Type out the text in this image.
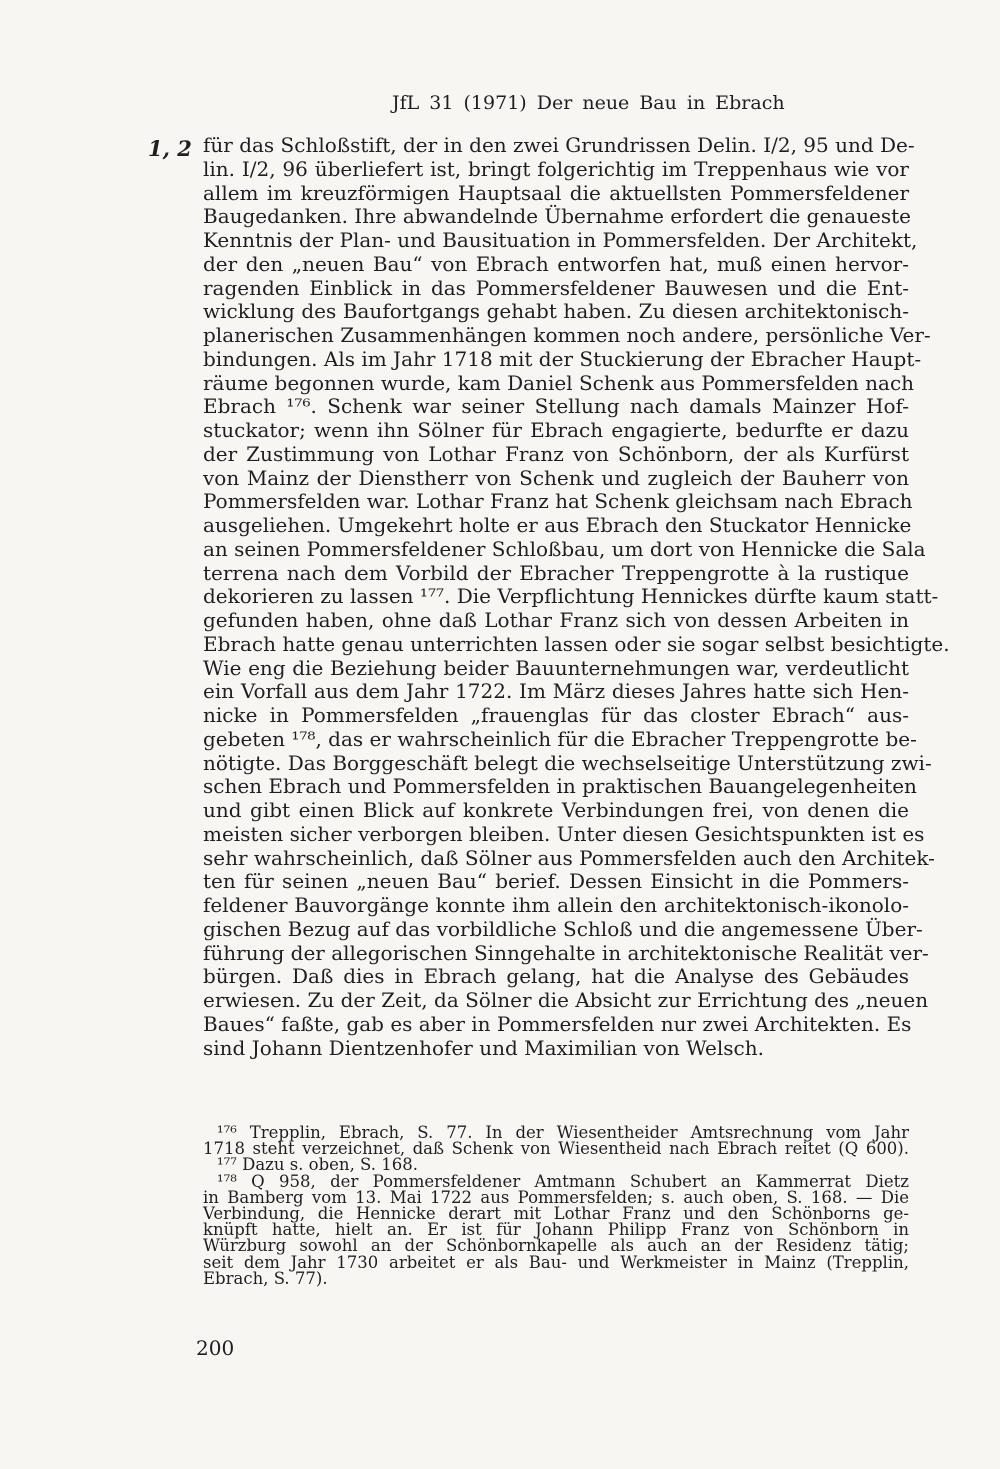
JfL 31 (1971) Der neue Bau in Ebrach
1, 2 für das Schloßstift, der in den zwei Grundrissen Delin. I/2, 95 und De-
lin. I/2, 96 überliefert ist, bringt folgerichtig im Treppenhaus wie vor
allem im kreuzförmigen Hauptsaal die aktuellsten Pommersfeldener
Baugedanken. Ihre abwandelnde Übernahme erfordert die genaueste
Kenntnis der Plan- und Bausituation in Pommersfelden. Der Architekt,
der den „neuen Bau“ von Ebrach entworfen hat, muß einen hervor-
ragenden Einblick in das Pommersfeldener Bauwesen und die Ent-
wicklung des Baufortgangs gehabt haben. Zu diesen architektonisch-
planerischen Zusammenhängen kommen noch andere, persönliche Ver-
bindungen. Als im Jahr 1718 mit der Stuckierung der Ebracher Haupt-
räume begonnen wurde, kam Daniel Schenk aus Pommersfelden nach
Ebrach ¹⁷⁶. Schenk war seiner Stellung nach damals Mainzer Hof-
stuckator; wenn ihn Sölner für Ebrach engagierte, bedurfte er dazu
der Zustimmung von Lothar Franz von Schönborn, der als Kurfürst
von Mainz der Dienstherr von Schenk und zugleich der Bauherr von
Pommersfelden war. Lothar Franz hat Schenk gleichsam nach Ebrach
ausgeliehen. Umgekehrt holte er aus Ebrach den Stuckator Hennicke
an seinen Pommersfeldener Schloßbau, um dort von Hennicke die Sala
terrena nach dem Vorbild der Ebracher Treppengrotte à la rustique
dekorieren zu lassen ¹⁷⁷. Die Verpflichtung Hennickes dürfte kaum statt-
gefunden haben, ohne daß Lothar Franz sich von dessen Arbeiten in
Ebrach hatte genau unterrichten lassen oder sie sogar selbst besichtigte.
Wie eng die Beziehung beider Bauunternehmungen war, verdeutlicht
ein Vorfall aus dem Jahr 1722. Im März dieses Jahres hatte sich Hen-
nicke in Pommersfelden „frauenglas für das closter Ebrach“ aus-
gebeten ¹⁷⁸, das er wahrscheinlich für die Ebracher Treppengrotte be-
nötigte. Das Borggeschäft belegt die wechselseitige Unterstützung zwi-
schen Ebrach und Pommersfelden in praktischen Bauangelegenheiten
und gibt einen Blick auf konkrete Verbindungen frei, von denen die
meisten sicher verborgen bleiben. Unter diesen Gesichtspunkten ist es
sehr wahrscheinlich, daß Sölner aus Pommersfelden auch den Architek-
ten für seinen „neuen Bau“ berief. Dessen Einsicht in die Pommers-
feldener Bauvorgänge konnte ihm allein den architektonisch-ikonolo-
gischen Bezug auf das vorbildliche Schloß und die angemessene Über-
führung der allegorischen Sinngehalte in architektonische Realität ver-
bürgen. Daß dies in Ebrach gelang, hat die Analyse des Gebäudes
erwiesen. Zu der Zeit, da Sölner die Absicht zur Errichtung des „neuen
Baues“ faßte, gab es aber in Pommersfelden nur zwei Architekten. Es
sind Johann Dientzenhofer und Maximilian von Welsch.
¹⁷⁶ Trepplin, Ebrach, S. 77. In der Wiesentheider Amtsrechnung vom Jahr
1718 steht verzeichnet, daß Schenk von Wiesentheid nach Ebrach reitet (Q 600).
¹⁷⁷ Dazu s. oben, S. 168.
¹⁷⁸ Q 958, der Pommersfeldener Amtmann Schubert an Kammerrat Dietz
in Bamberg vom 13. Mai 1722 aus Pommersfelden; s. auch oben, S. 168. — Die
Verbindung, die Hennicke derart mit Lothar Franz und den Schönborns ge-
knüpft hatte, hielt an. Er ist für Johann Philipp Franz von Schönborn in
Würzburg sowohl an der Schönbornkapelle als auch an der Residenz tätig;
seit dem Jahr 1730 arbeitet er als Bau- und Werkmeister in Mainz (Trepplin,
Ebrach, S. 77).
200
